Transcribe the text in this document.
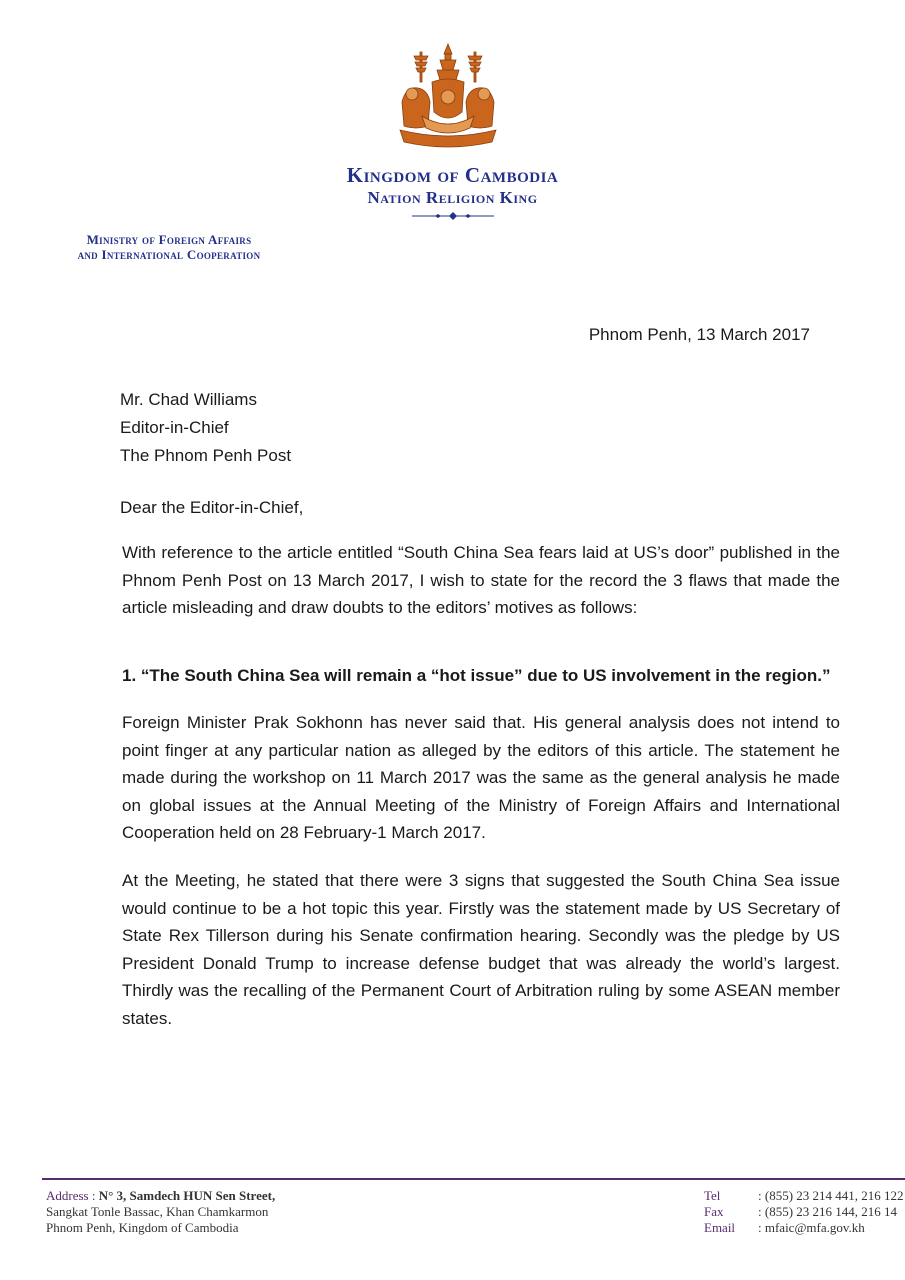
Kingdom of Cambodia
Nation Religion King
Ministry of Foreign Affairs
and International Cooperation
Phnom Penh, 13 March 2017
Mr. Chad Williams
Editor-in-Chief
The Phnom Penh Post
Dear the Editor-in-Chief,
With reference to the article entitled “South China Sea fears laid at US’s door” published in the Phnom Penh Post on 13 March 2017, I wish to state for the record the 3 flaws that made the article misleading and draw doubts to the editors’ motives as follows:
1. “The South China Sea will remain a “hot issue” due to US involvement in the region.”
Foreign Minister Prak Sokhonn has never said that. His general analysis does not intend to point finger at any particular nation as alleged by the editors of this article. The statement he made during the workshop on 11 March 2017 was the same as the general analysis he made on global issues at the Annual Meeting of the Ministry of Foreign Affairs and International Cooperation held on 28 February-1 March 2017.
At the Meeting, he stated that there were 3 signs that suggested the South China Sea issue would continue to be a hot topic this year. Firstly was the statement made by US Secretary of State Rex Tillerson during his Senate confirmation hearing. Secondly was the pledge by US President Donald Trump to increase defense budget that was already the world’s largest. Thirdly was the recalling of the Permanent Court of Arbitration ruling by some ASEAN member states.
Address : N° 3, Samdech HUN Sen Street,
Sangkat Tonle Bassac, Khan Chamkarmon
Phnom Penh, Kingdom of Cambodia
Tel	: (855) 23 214 441, 216 122
Fax	: (855) 23 216 144, 216 14
Email : mfaic@mfa.gov.kh
